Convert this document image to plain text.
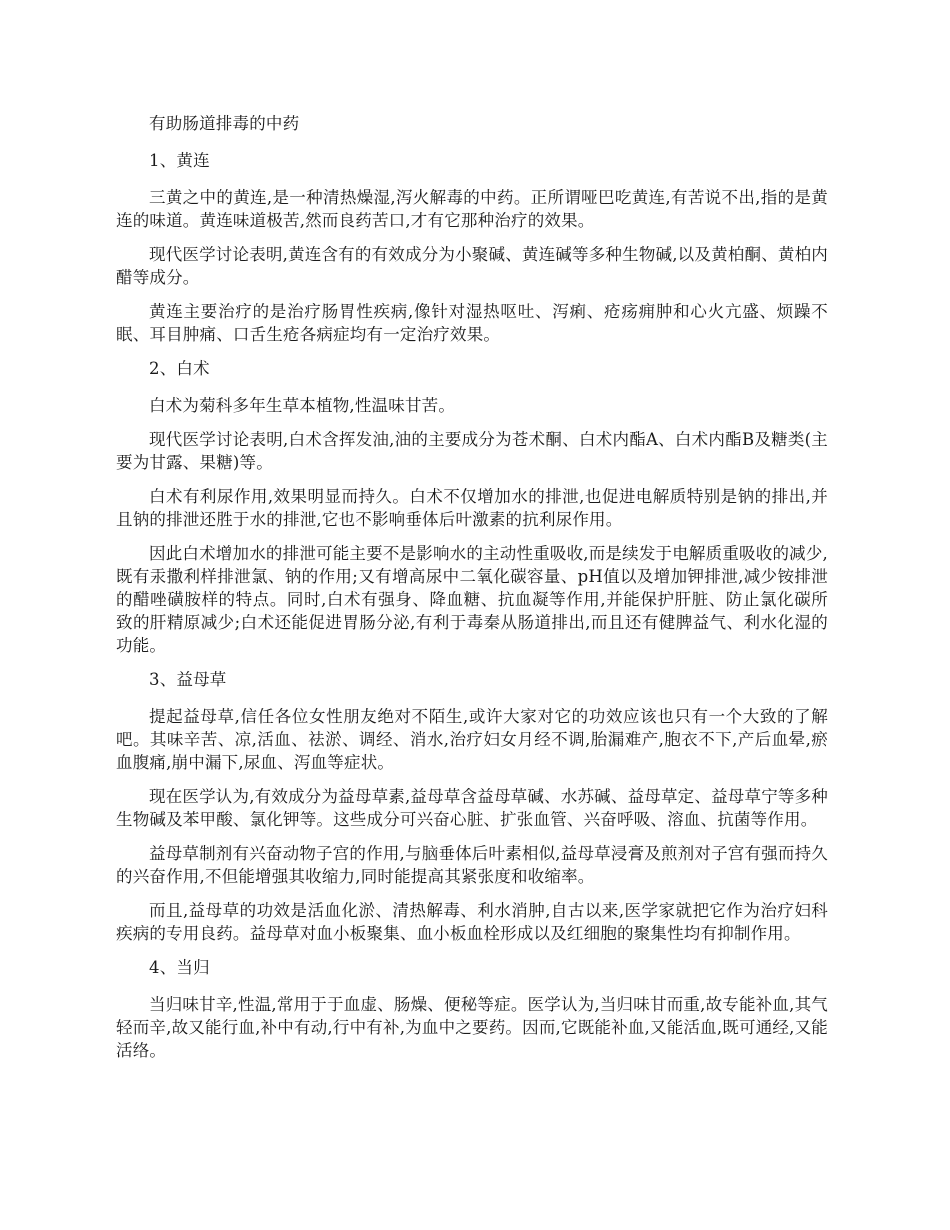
有助肠道排毒的中药

1、黄连

三黄之中的黄连,是一种清热燥湿,泻火解毒的中药。正所谓哑巴吃黄连,有苦说不出,指的是黄连的味道。黄连味道极苦,然而良药苦口,才有它那种治疗的效果。

现代医学讨论表明,黄连含有的有效成分为小聚碱、黄连碱等多种生物碱,以及黄柏酮、黄柏内醋等成分。

黄连主要治疗的是治疗肠胃性疾病,像针对湿热呕吐、泻痢、疮疡痈肿和心火亢盛、烦躁不眠、耳目肿痛、口舌生疮各病症均有一定治疗效果。

2、白术

白术为菊科多年生草本植物,性温味甘苦。

现代医学讨论表明,白术含挥发油,油的主要成分为苍术酮、白术内酯A、白术内酯B及糖类(主要为甘露、果糖)等。

白术有利尿作用,效果明显而持久。白术不仅增加水的排泄,也促进电解质特别是钠的排出,并且钠的排泄还胜于水的排泄,它也不影响垂体后叶激素的抗利尿作用。

因此白术增加水的排泄可能主要不是影响水的主动性重吸收,而是续发于电解质重吸收的减少,既有汞撒利样排泄氯、钠的作用;又有增高尿中二氧化碳容量、pH值以及增加钾排泄,减少铵排泄的醋唑磺胺样的特点。同时,白术有强身、降血糖、抗血凝等作用,并能保护肝脏、防止氯化碳所致的肝精原减少;白术还能促进胃肠分泌,有利于毒秦从肠道排出,而且还有健脾益气、利水化湿的功能。

3、益母草

提起益母草,信任各位女性朋友绝对不陌生,或许大家对它的功效应该也只有一个大致的了解吧。其味辛苦、凉,活血、祛淤、调经、消水,治疗妇女月经不调,胎漏难产,胞衣不下,产后血晕,瘀血腹痛,崩中漏下,尿血、泻血等症状。

现在医学认为,有效成分为益母草素,益母草含益母草碱、水苏碱、益母草定、益母草宁等多种生物碱及苯甲酸、氯化钾等。这些成分可兴奋心脏、扩张血管、兴奋呼吸、溶血、抗菌等作用。

益母草制剂有兴奋动物子宫的作用,与脑垂体后叶素相似,益母草浸膏及煎剂对子宫有强而持久的兴奋作用,不但能增强其收缩力,同时能提高其紧张度和收缩率。

而且,益母草的功效是活血化淤、清热解毒、利水消肿,自古以来,医学家就把它作为治疗妇科疾病的专用良药。益母草对血小板聚集、血小板血栓形成以及红细胞的聚集性均有抑制作用。

4、当归

当归味甘辛,性温,常用于于血虚、肠燥、便秘等症。医学认为,当归味甘而重,故专能补血,其气轻而辛,故又能行血,补中有动,行中有补,为血中之要药。因而,它既能补血,又能活血,既可通经,又能活络。
